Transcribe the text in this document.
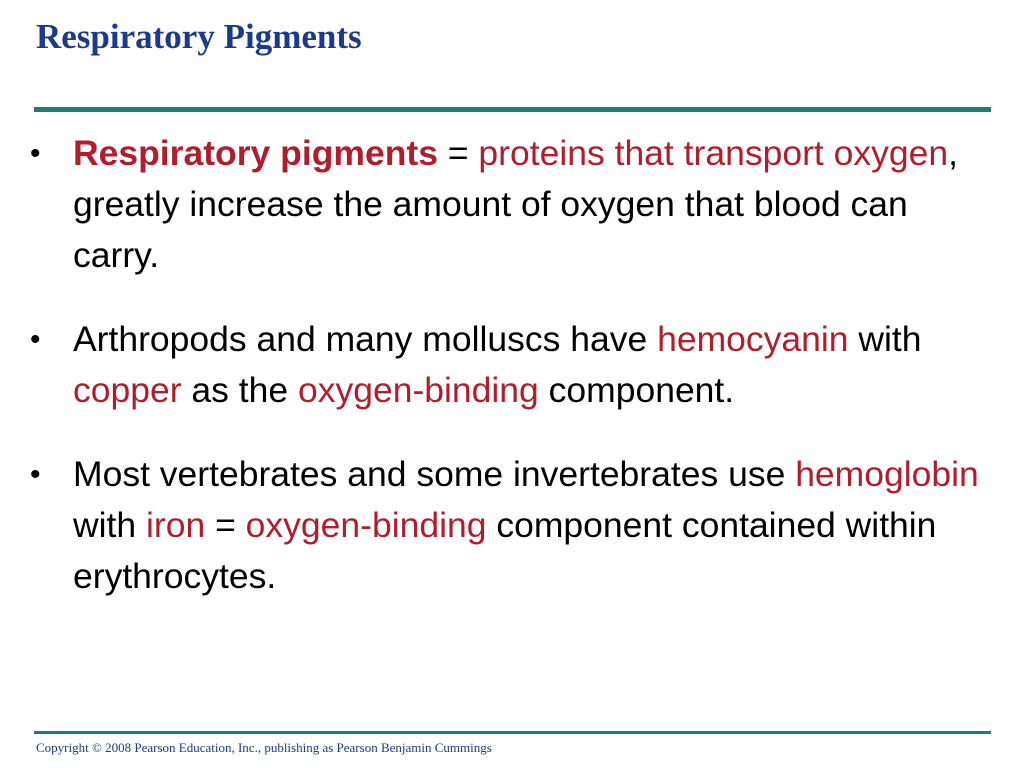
Respiratory Pigments
• Respiratory pigments = proteins that transport oxygen, greatly increase the amount of oxygen that blood can carry.
• Arthropods and many molluscs have hemocyanin with copper as the oxygen-binding component.
• Most vertebrates and some invertebrates use hemoglobin with iron = oxygen-binding component contained within erythrocytes.

Copyright © 2008 Pearson Education, Inc., publishing as Pearson Benjamin Cummings
